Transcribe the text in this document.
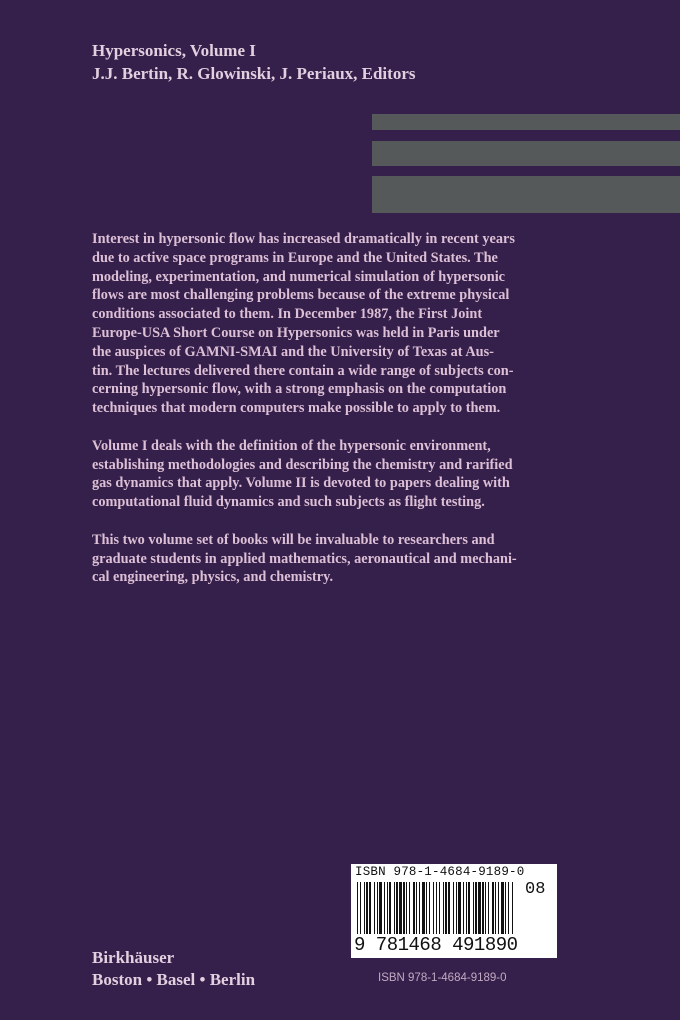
Hypersonics, Volume I
J.J. Bertin, R. Glowinski, J. Periaux, Editors

Interest in hypersonic flow has increased dramatically in recent years
due to active space programs in Europe and the United States. The
modeling, experimentation, and numerical simulation of hypersonic
flows are most challenging problems because of the extreme physical
conditions associated to them. In December 1987, the First Joint
Europe-USA Short Course on Hypersonics was held in Paris under
the auspices of GAMNI-SMAI and the University of Texas at Aus-
tin. The lectures delivered there contain a wide range of subjects con-
cerning hypersonic flow, with a strong emphasis on the computation
techniques that modern computers make possible to apply to them.

Volume I deals with the definition of the hypersonic environment,
establishing methodologies and describing the chemistry and rarified
gas dynamics that apply. Volume II is devoted to papers dealing with
computational fluid dynamics and such subjects as flight testing.

This two volume set of books will be invaluable to researchers and
graduate students in applied mathematics, aeronautical and mechani-
cal engineering, physics, and chemistry.

ISBN 978-1-4684-9189-0
9 781468 491890
08
ISBN 978-1-4684-9189-0
Birkhäuser
Boston • Basel • Berlin
